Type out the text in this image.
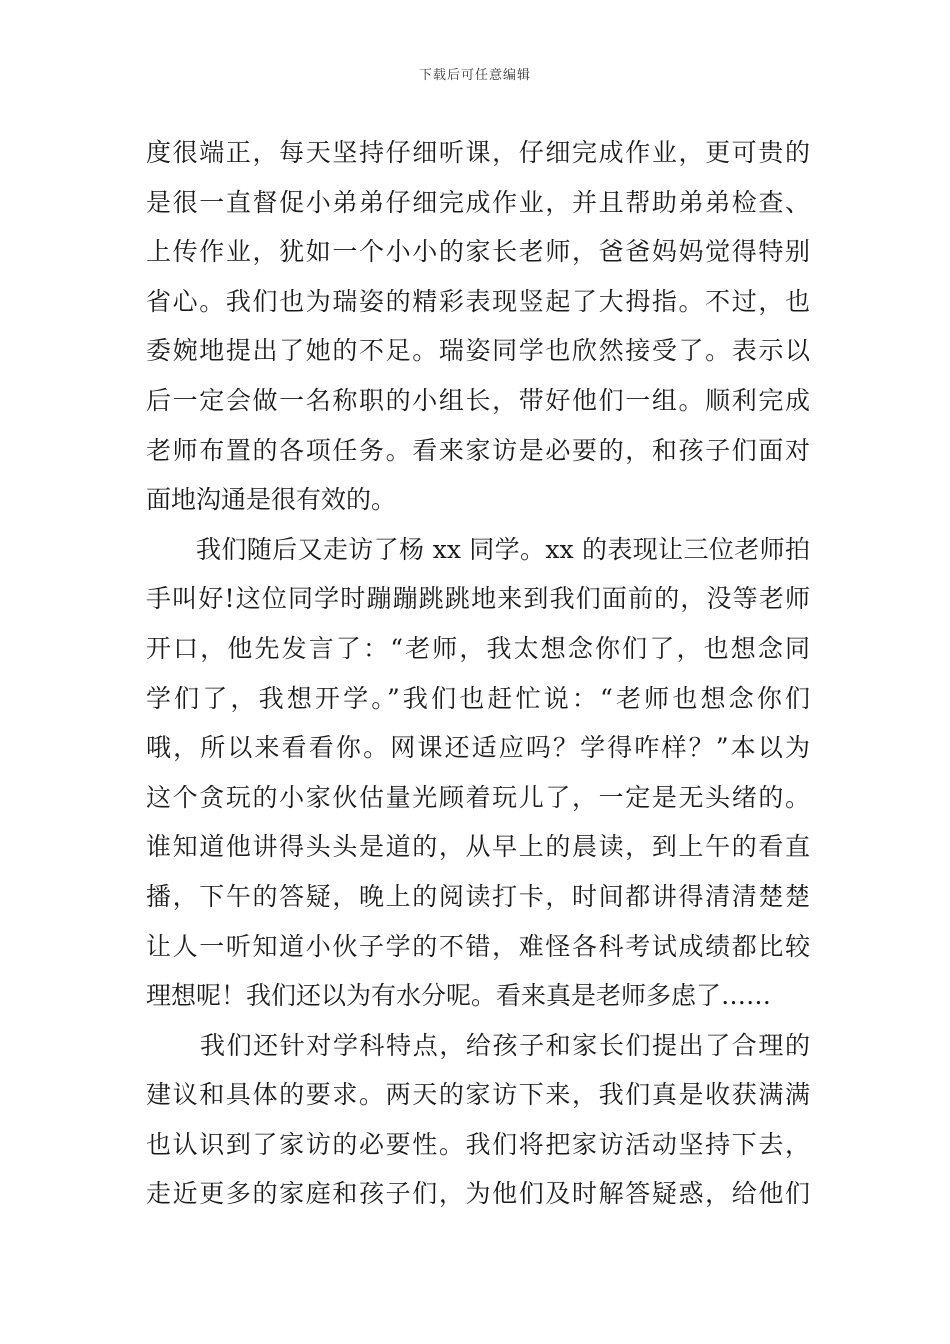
下载后可任意编辑
度很端正，每天坚持仔细听课，仔细完成作业，更可贵的
是很一直督促小弟弟仔细完成作业，并且帮助弟弟检查、
上传作业，犹如一个小小的家长老师，爸爸妈妈觉得特别
省心。我们也为瑞姿的精彩表现竖起了大拇指。不过，也
委婉地提出了她的不足。瑞姿同学也欣然接受了。表示以
后一定会做一名称职的小组长，带好他们一组。顺利完成
老师布置的各项任务。看来家访是必要的，和孩子们面对
面地沟通是很有效的。
我们随后又走访了杨 xx 同学。xx 的表现让三位老师拍
手叫好!这位同学时蹦蹦跳跳地来到我们面前的，没等老师
开口，他先发言了：“老师，我太想念你们了，也想念同
学们了，我想开学。”我们也赶忙说：“老师也想念你们
哦，所以来看看你。网课还适应吗？学得咋样？”本以为
这个贪玩的小家伙估量光顾着玩儿了，一定是无头绪的。
谁知道他讲得头头是道的，从早上的晨读，到上午的看直
播，下午的答疑，晚上的阅读打卡，时间都讲得清清楚楚
让人一听知道小伙子学的不错，难怪各科考试成绩都比较
理想呢！我们还以为有水分呢。看来真是老师多虑了……
我们还针对学科特点，给孩子和家长们提出了合理的
建议和具体的要求。两天的家访下来，我们真是收获满满
也认识到了家访的必要性。我们将把家访活动坚持下去，
走近更多的家庭和孩子们，为他们及时解答疑惑，给他们
